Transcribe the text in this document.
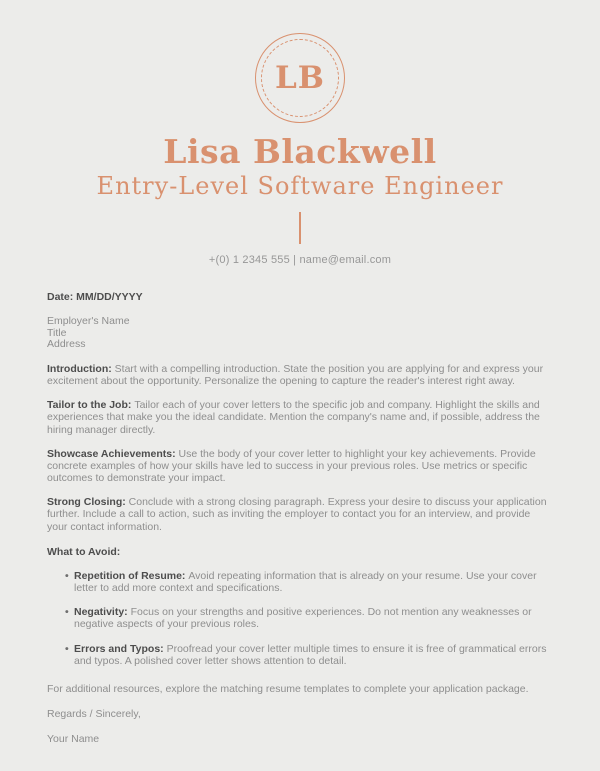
LB
Lisa Blackwell
Entry-Level Software Engineer
+(0) 1 2345 555 | name@email.com

Date: MM/DD/YYYY

Employer's Name
Title
Address

Introduction: Start with a compelling introduction. State the position you are applying for and express your excitement about the opportunity. Personalize the opening to capture the reader's interest right away.

Tailor to the Job: Tailor each of your cover letters to the specific job and company. Highlight the skills and experiences that make you the ideal candidate. Mention the company's name and, if possible, address the hiring manager directly.

Showcase Achievements: Use the body of your cover letter to highlight your key achievements. Provide concrete examples of how your skills have led to success in your previous roles. Use metrics or specific outcomes to demonstrate your impact.

Strong Closing: Conclude with a strong closing paragraph. Express your desire to discuss your application further. Include a call to action, such as inviting the employer to contact you for an interview, and provide your contact information.

What to Avoid:

• Repetition of Resume: Avoid repeating information that is already on your resume. Use your cover letter to add more context and specifications.
• Negativity: Focus on your strengths and positive experiences. Do not mention any weaknesses or negative aspects of your previous roles.
• Errors and Typos: Proofread your cover letter multiple times to ensure it is free of grammatical errors and typos. A polished cover letter shows attention to detail.

For additional resources, explore the matching resume templates to complete your application package.

Regards / Sincerely,

Your Name
